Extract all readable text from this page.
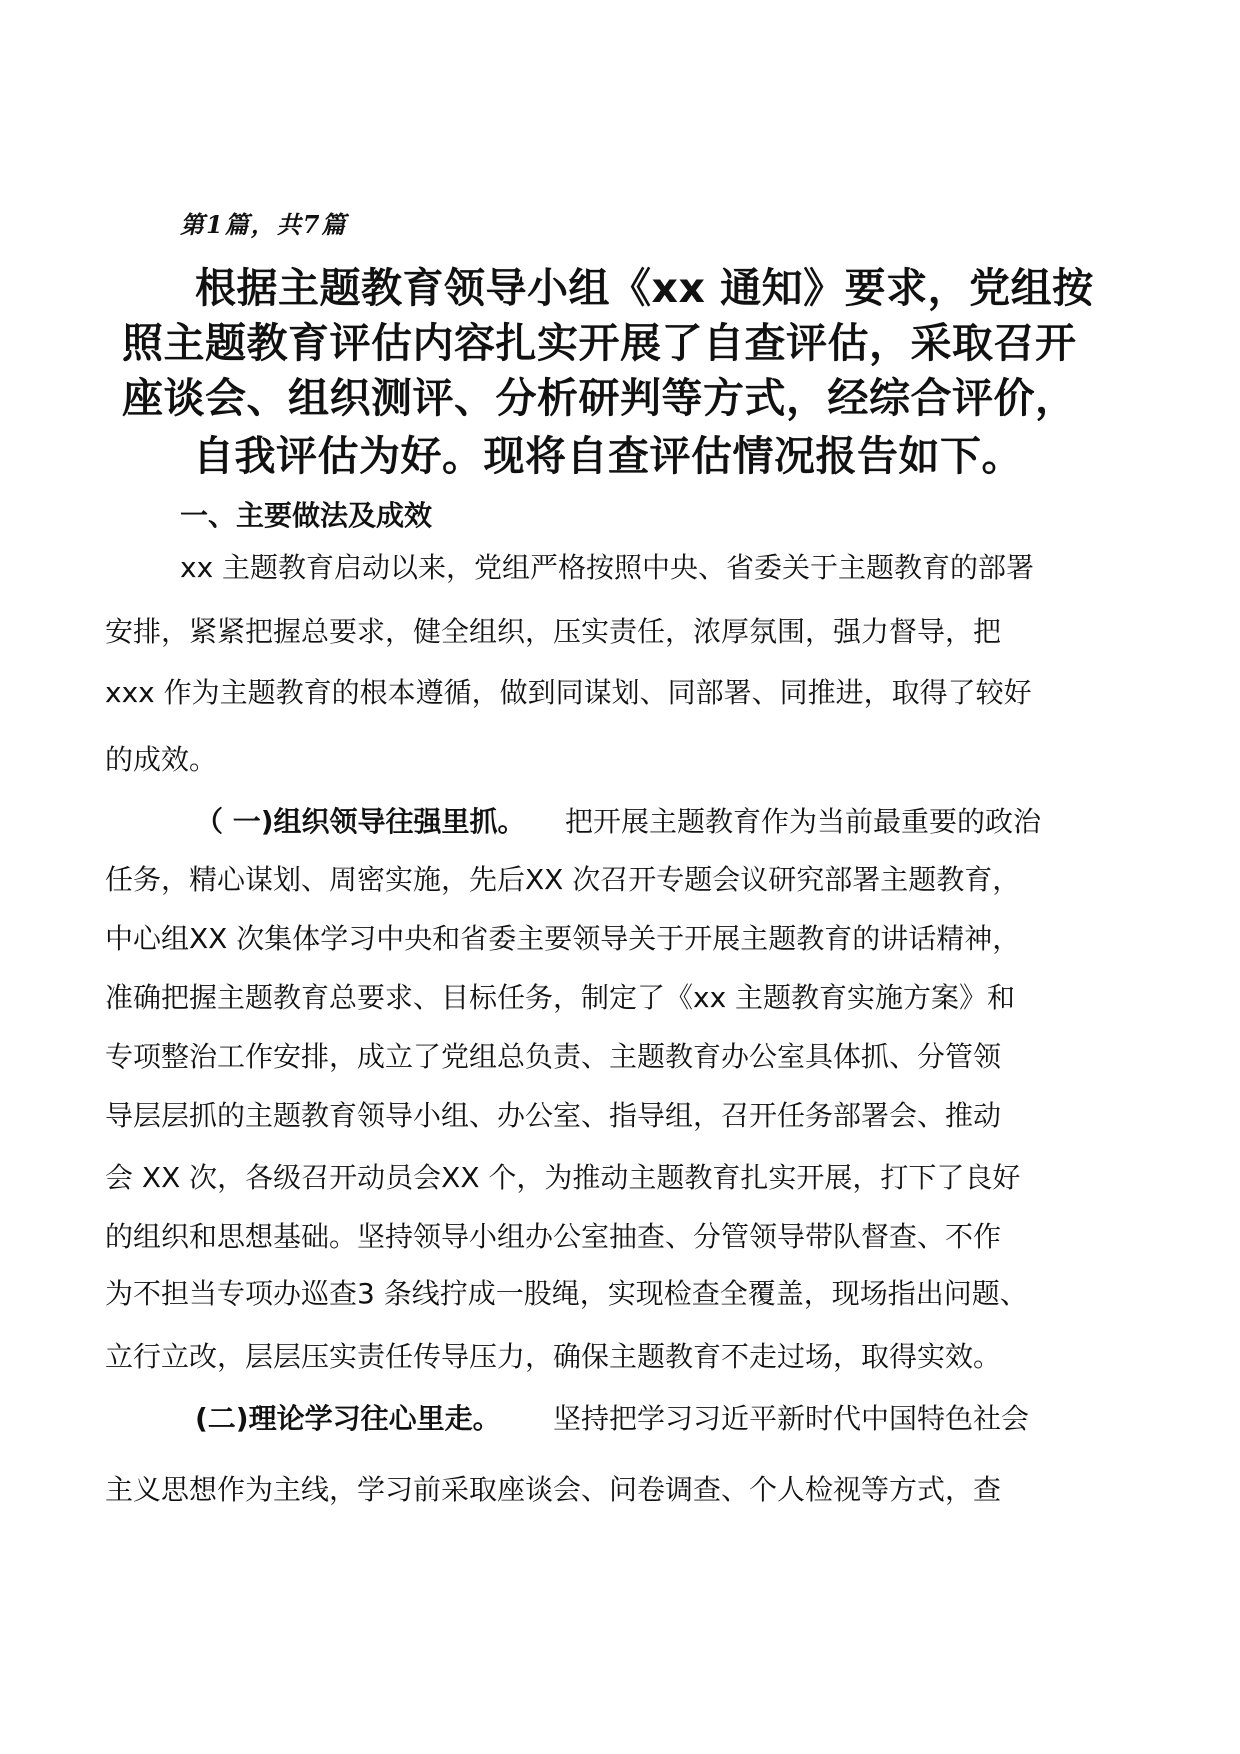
第1篇，共7篇

根据主题教育领导小组《xx 通知》要求，党组按

照主题教育评估内容扎实开展了自查评估，采取召开

座谈会、组织测评、分析研判等方式，经综合评价，

自我评估为好。现将自查评估情况报告如下。

一、主要做法及成效

xx 主题教育启动以来，党组严格按照中央、省委关于主题教育的部署

安排，紧紧把握总要求，健全组织，压实责任，浓厚氛围，强力督导，把

xxx 作为主题教育的根本遵循，做到同谋划、同部署、同推进，取得了较好

的成效。

（ 一)组织领导往强里抓。 把开展主题教育作为当前最重要的政治

任务，精心谋划、周密实施，先后XX 次召开专题会议研究部署主题教育，

中心组XX 次集体学习中央和省委主要领导关于开展主题教育的讲话精神，

准确把握主题教育总要求、目标任务，制定了《xx 主题教育实施方案》和

专项整治工作安排，成立了党组总负责、主题教育办公室具体抓、分管领

导层层抓的主题教育领导小组、办公室、指导组，召开任务部署会、推动

会 XX 次，各级召开动员会XX 个，为推动主题教育扎实开展，打下了良好

的组织和思想基础。坚持领导小组办公室抽查、分管领导带队督查、不作

为不担当专项办巡查3 条线拧成一股绳，实现检查全覆盖，现场指出问题、

立行立改，层层压实责任传导压力，确保主题教育不走过场，取得实效。

(二)理论学习往心里走。 坚持把学习习近平新时代中国特色社会

主义思想作为主线，学习前采取座谈会、问卷调查、个人检视等方式，查
